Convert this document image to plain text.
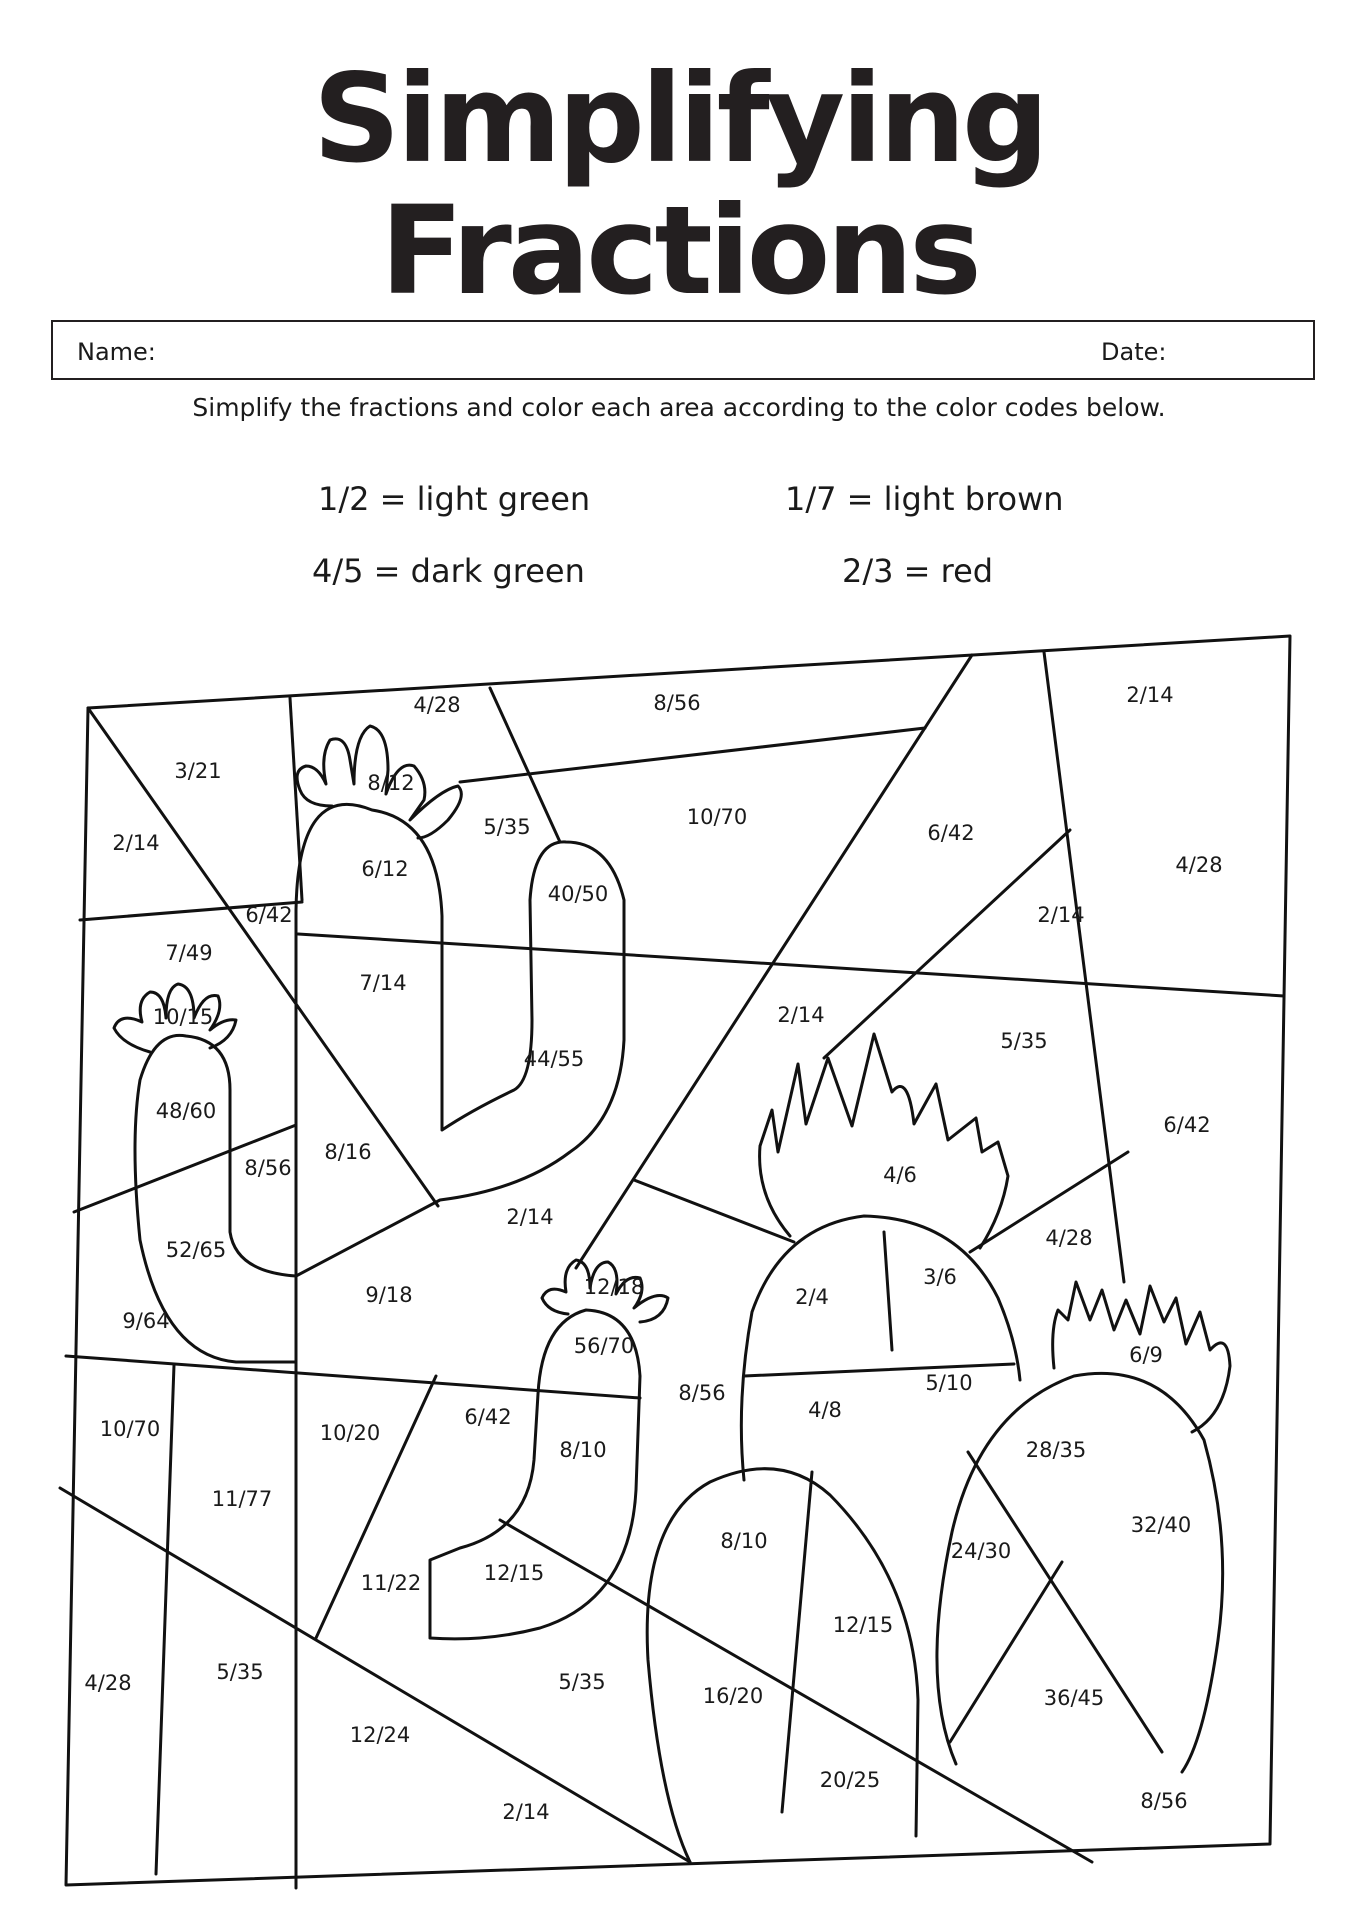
Simplifying
Fractions
Name:	Date:
Simplify the fractions and color each area according to the color codes below.
1/2 = light green	1/7 = light brown
4/5 = dark green	2/3 = red
4/28	8/56	2/14
3/21	8/12
5/35	10/70
6/42
4/28
2/14
6/12
40/50
6/42	2/14
7/49
10/15
7/14
2/14
5/35
44/55
48/60
6/42
8/56
8/16
4/6
2/14
52/65	4/28
3/6
12/18	2/4
9/18
9/64
56/70
8/56
6/9
5/10
4/8
10/70	6/42
10/20
8/10	28/35
11/77
8/10
32/40
24/30
11/22	12/15
12/15
4/28	5/35	5/35
16/20	36/45
12/24
20/25
2/14	8/56
